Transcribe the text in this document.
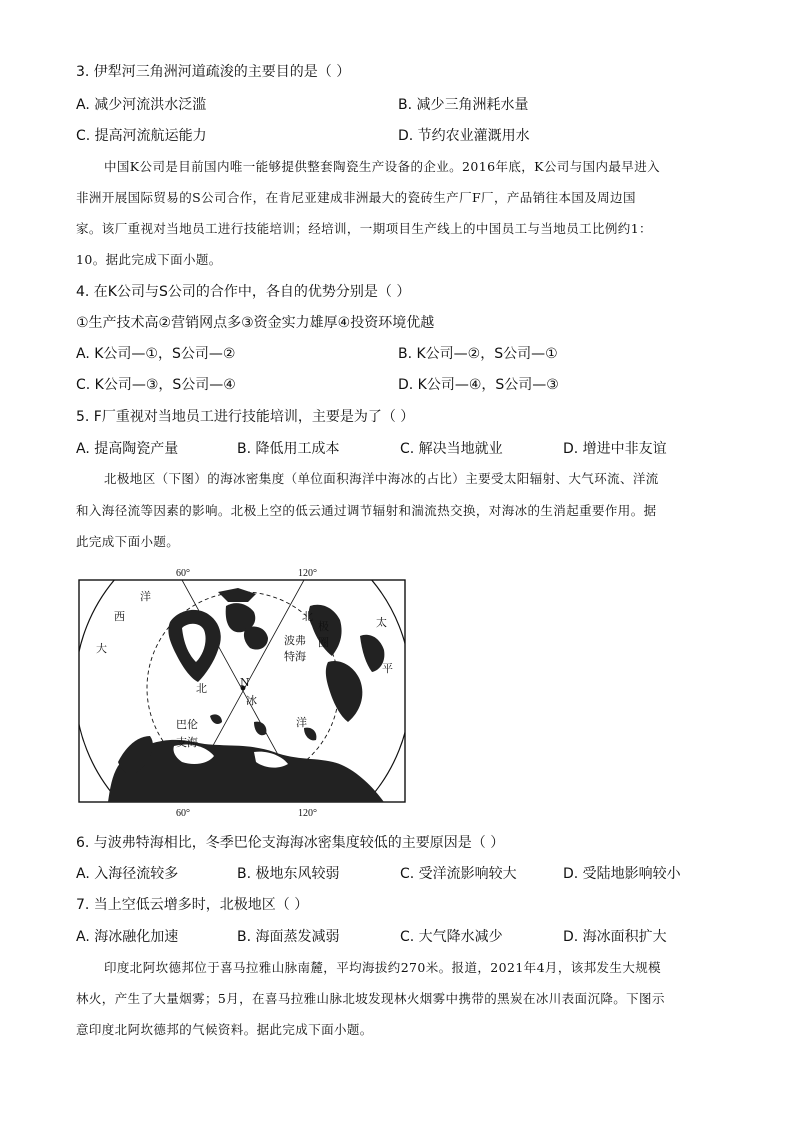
3. 伊犁河三角洲河道疏浚的主要目的是（ ）
A. 减少河流洪水泛滥	B. 减少三角洲耗水量
C. 提高河流航运能力	D. 节约农业灌溉用水
中国K公司是目前国内唯一能够提供整套陶瓷生产设备的企业。2016年底，K公司与国内最早进入
非洲开展国际贸易的S公司合作，在肯尼亚建成非洲最大的瓷砖生产厂F厂，产品销往本国及周边国
家。该厂重视对当地员工进行技能培训；经培训，一期项目生产线上的中国员工与当地员工比例约1：
10。据此完成下面小题。
4. 在K公司与S公司的合作中，各自的优势分别是（ ）
①生产技术高②营销网点多③资金实力雄厚④投资环境优越
A. K公司—①，S公司—②	B. K公司—②，S公司—①
C. K公司—③，S公司—④	D. K公司—④，S公司—③
5. F厂重视对当地员工进行技能培训，主要是为了（ ）
A. 提高陶瓷产量	B. 降低用工成本	C. 解决当地就业	D. 增进中非友谊
北极地区（下图）的海冰密集度（单位面积海洋中海冰的占比）主要受太阳辐射、大气环流、洋流
和入海径流等因素的影响。北极上空的低云通过调节辐射和湍流热交换，对海冰的生消起重要作用。据
此完成下面小题。
60°	120°
60°	120°
N
洋
西
大
北
冰
洋
北
极
圈
波弗
特海
巴伦
支海
太
平
6. 与波弗特海相比，冬季巴伦支海海冰密集度较低的主要原因是（ ）
A. 入海径流较多	B. 极地东风较弱	C. 受洋流影响较大	D. 受陆地影响较小
7. 当上空低云增多时，北极地区（ ）
A. 海冰融化加速	B. 海面蒸发减弱	C. 大气降水减少	D. 海冰面积扩大
印度北阿坎德邦位于喜马拉雅山脉南麓，平均海拔约270米。报道，2021年4月，该邦发生大规模
林火，产生了大量烟雾；5月，在喜马拉雅山脉北坡发现林火烟雾中携带的黑炭在冰川表面沉降。下图示
意印度北阿坎德邦的气候资料。据此完成下面小题。
